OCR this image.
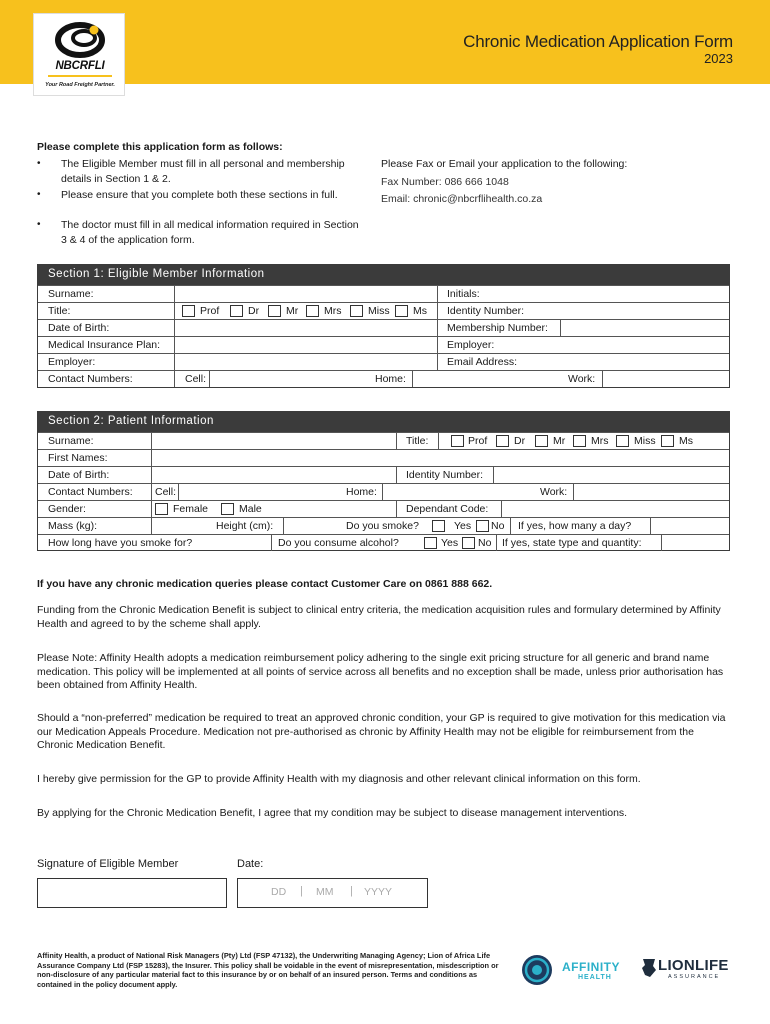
NBCRFLI
Your Road Freight Partner.
Chronic Medication Application Form
2023
Please complete this application form as follows:
• The Eligible Member must fill in all personal and membership details in Section 1 & 2.
• Please ensure that you complete both these sections in full.
• The doctor must fill in all medical information required in Section 3 & 4 of the application form.
Please Fax or Email your application to the following:
Fax Number: 086 666 1048
Email: chronic@nbcrflihealth.co.za
Section 1: Eligible Member Information
Surname:	Initials:
Title:	Prof	Dr	Mr	Mrs	Miss	Ms	Identity Number:
Date of Birth:	Membership Number:
Medical Insurance Plan:	Employer:
Employer:	Email Address:
Contact Numbers:	Cell:	Home:	Work:
Section 2: Patient Information
Surname:	Title:	Prof	Dr	Mr	Mrs	Miss	Ms
First Names:
Date of Birth:	Identity Number:
Contact Numbers:	Cell:	Home:	Work:
Gender:	Female	Male	Dependant Code:
Mass (kg):	Height (cm):	Do you smoke?	Yes	No	If yes, how many a day?
How long have you smoke for?	Do you consume alcohol?	Yes	No	If yes, state type and quantity:
If you have any chronic medication queries please contact Customer Care on 0861 888 662.
Funding from the Chronic Medication Benefit is subject to clinical entry criteria, the medication acquisition rules and formulary determined by Affinity Health and agreed to by the scheme shall apply.
Please Note: Affinity Health adopts a medication reimbursement policy adhering to the single exit pricing structure for all generic and brand name medication. This policy will be implemented at all points of service across all benefits and no exception shall be made, unless prior authorisation has been obtained from Affinity Health.
Should a “non-preferred” medication be required to treat an approved chronic condition, your GP is required to give motivation for this medication via our Medication Appeals Procedure. Medication not pre-authorised as chronic by Affinity Health may not be eligible for reimbursement from the Chronic Medication Benefit.
I hereby give permission for the GP to provide Affinity Health with my diagnosis and other relevant clinical information on this form.
By applying for the Chronic Medication Benefit, I agree that my condition may be subject to disease management interventions.
Signature of Eligible Member	Date:
DD | MM | YYYY
Affinity Health, a product of National Risk Managers (Pty) Ltd (FSP 47132), the Underwriting Managing Agency; Lion of Africa Life Assurance Company Ltd (FSP 15283), the Insurer. This policy shall be voidable in the event of misrepresentation, misdescription or non-disclosure of any particular material fact to this insurance by or on behalf of an insured person. Terms and conditions as contained in the policy document apply.
AFFINITY
HEALTH
LIONLIFE
ASSURANCE
